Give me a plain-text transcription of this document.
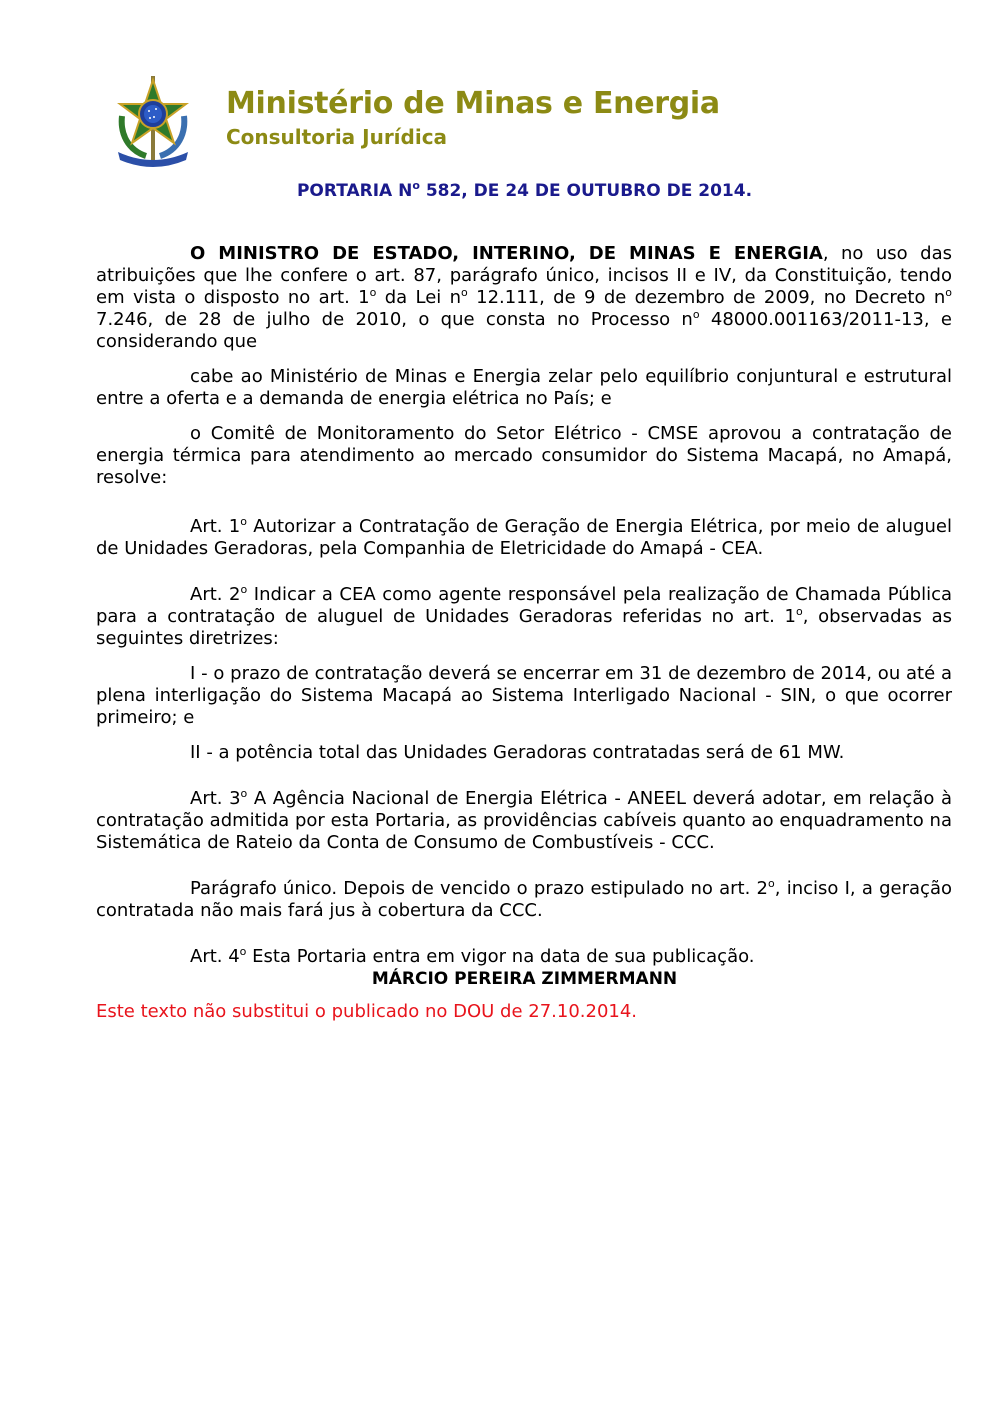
Ministério de Minas e Energia
Consultoria Jurídica
PORTARIA $N^o$ 582, DE 24 DE OUTUBRO DE 2014.

O MINISTRO DE ESTADO, INTERINO, DE MINAS E ENERGIA, no uso das atribuições que lhe confere o art. 87, parágrafo único, incisos II e IV, da Constituição, tendo em vista o disposto no art. 1$^o$ da Lei $n^o$ 12.111, de 9 de dezembro de 2009, no Decreto $n^o$ 7.246, de 28 de julho de 2010, o que consta no Processo $n^o$ 48000.001163/2011-13, e considerando que

cabe ao Ministério de Minas e Energia zelar pelo equilíbrio conjuntural e estrutural entre a oferta e a demanda de energia elétrica no País; e

o Comitê de Monitoramento do Setor Elétrico - CMSE aprovou a contratação de energia térmica para atendimento ao mercado consumidor do Sistema Macapá, no Amapá, resolve:

Art. 1$^o$ Autorizar a Contratação de Geração de Energia Elétrica, por meio de aluguel de Unidades Geradoras, pela Companhia de Eletricidade do Amapá - CEA.

Art. 2$^o$ Indicar a CEA como agente responsável pela realização de Chamada Pública para a contratação de aluguel de Unidades Geradoras referidas no art. 1$^o$, observadas as seguintes diretrizes:

I - o prazo de contratação deverá se encerrar em 31 de dezembro de 2014, ou até a plena interligação do Sistema Macapá ao Sistema Interligado Nacional - SIN, o que ocorrer primeiro; e

II - a potência total das Unidades Geradoras contratadas será de 61 MW.

Art. 3$^o$ A Agência Nacional de Energia Elétrica - ANEEL deverá adotar, em relação à contratação admitida por esta Portaria, as providências cabíveis quanto ao enquadramento na Sistemática de Rateio da Conta de Consumo de Combustíveis - CCC.

Parágrafo único. Depois de vencido o prazo estipulado no art. 2$^o$, inciso I, a geração contratada não mais fará jus à cobertura da CCC.

Art. 4$^o$ Esta Portaria entra em vigor na data de sua publicação.

MÁRCIO PEREIRA ZIMMERMANN
Este texto não substitui o publicado no DOU de 27.10.2014.
